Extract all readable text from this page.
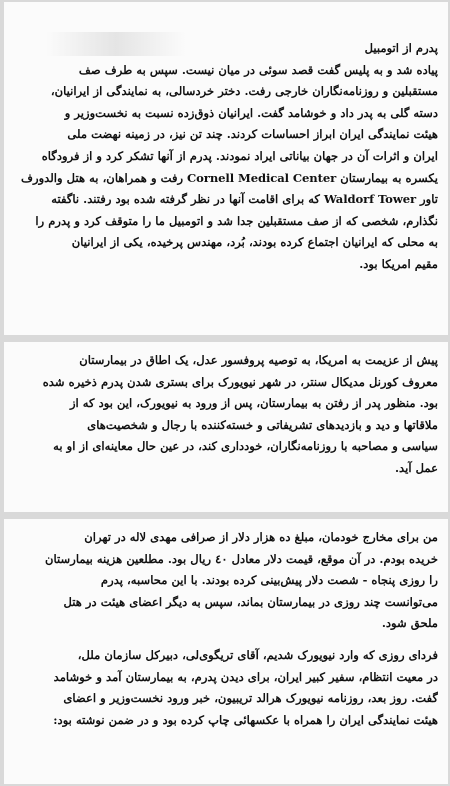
پدرم از اتومبیل
پیاده شد و به پلیس گفت قصد سوئی در میان نیست. سپس به طرف صف
مستقبلین و روزنامه‌نگاران خارجی رفت. دختر خردسالی، به نمایندگی از ایرانیان،
دسته گلی به پدر داد و خوشامد گفت. ایرانیان ذوق‌زده نسبت به نخست‌وزیر و
هیئت نمایندگی ایران ابراز احساسات کردند. چند تن نیز، در زمینه نهضت ملی
ایران و اثرات آن در جهان بیاناتی ایراد نمودند. پدرم از آنها تشکر کرد و از فرودگاه
یکسره به بیمارستان Cornell Medical Center رفت و همراهان، به هتل والدورف
تاور Waldorf Tower که برای اقامت آنها در نظر گرفته شده بود رفتند. ناگفته
نگذارم، شخصی که از صف مستقبلین جدا شد و اتومبیل ما را متوقف کرد و پدرم را
به محلی که ایرانیان اجتماع کرده بودند، بُرد، مهندس پرخیده، یکی از ایرانیان
مقیم امریکا بود.
پیش از عزیمت به امریکا، به توصیه پروفسور عدل، یک اطاق در بیمارستان
معروف کورنل مدیکال سنتر، در شهر نیویورک برای بستری شدن پدرم ذخیره شده
بود. منظور پدر از رفتن به بیمارستان، پس از ورود به نیویورک، این بود که از
ملاقاتها و دید و بازدیدهای تشریفاتی و خسته‌کننده با رجال و شخصیت‌های
سیاسی و مصاحبه با روزنامه‌نگاران، خودداری کند، در عین حال معاینه‌ای از او به
عمل آید.
من برای مخارج خودمان، مبلغ ده هزار دلار از صرافی مهدی لاله در تهران
خریده بودم. در آن موقع، قیمت دلار معادل ٤٠ ریال بود. مطلعین هزینه بیمارستان
را روزی پنجاه - شصت دلار پیش‌بینی کرده بودند. با این محاسبه، پدرم
می‌توانست چند روزی در بیمارستان بماند، سپس به دیگر اعضای هیئت در هتل
ملحق شود.
فردای روزی که وارد نیویورک شدیم، آقای تریگوی‌لی، دبیرکل سازمان ملل،
در معیت انتظام، سفیر کبیر ایران، برای دیدن پدرم، به بیمارستان آمد و خوشامد
گفت. روز بعد، روزنامه نیویورک هرالد تریبیون، خبر ورود نخست‌وزیر و اعضای
هیئت نمایندگی ایران را همراه با عکسهائی چاپ کرده بود و در ضمن نوشته بود:
